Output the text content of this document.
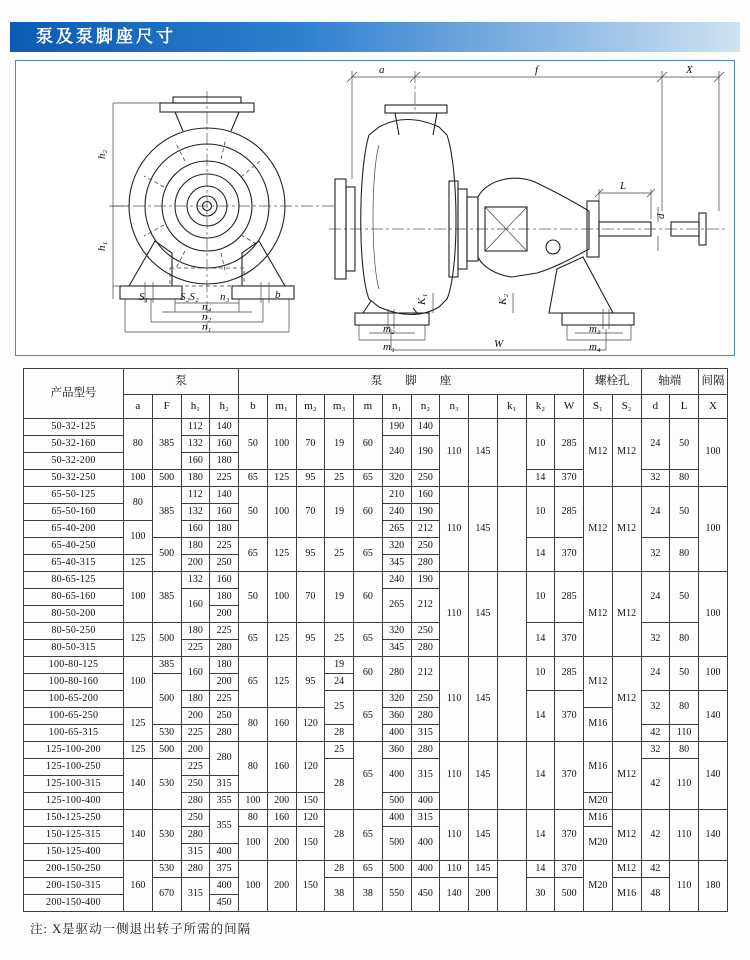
泵及泵脚座尺寸
h₂
h₁
S₁	S₂S₂ n₃
n₄
n₂
n₁
b
a	f	X
L
d
K₁	K₂
m₂
m₁
m₃
m₄
W
产品型号	泵				泵　　脚　　座												螺栓孔		轴端		间隔
	a	F	h₁	h₂	b	m₁	m₂	m₃	m	n₁	n₂	n₃		k₁	k₂	W	S₁	S₂	d	L	X
50-32-125	80	385	112	140	50	100	70	19	60	190	140	110	145		10	285	M12	M12	24	50	100
50-32-160			132	160						240	190										
50-32-200			160	180																	
50-32-250	100	500	180	225	65	125	95	25	65	320	250				14	370			32	80	
65-50-125	80	385	112	140	50	100	70	19	60	210	160	110	145		10	285	M12	M12	24	50	100
65-50-160			132	160						240	190										
65-40-200	100		160	180						265	212										
65-40-250		500	180	225	65	125	95	25	65	320	250				14	370			32	80	
65-40-315	125		200	250						345	280										
80-65-125	100	385	132	160	50	100	70	19	60	240	190	110	145		10	285	M12	M12	24	50	100
80-65-160			160	180						265	212										
80-50-200				200																	
80-50-250	125	500	180	225	65	125	95	25	65	320	250				14	370			32	80	
80-50-315			225	280						345	280										
100-80-125	100	385	160	180	65	125	95	19	60	280	212	110	145		10	285	M12	M12	24	50	100
100-80-160		500		200				24													
100-65-200			180	225				25	65	320	250				14	370			32	80	140
100-65-250	125		200	250	80	160	120			360	280						M16				
100-65-315		530	225	280				28		400	315								42	110	
125-100-200	125	500	200	280	80	160	120	25	65	360	280	110	145		14	370	M16	M12	32	80	140
125-100-250	140	530	225					28		400	315								42	110	
125-100-315			250	315																	
125-100-400			280	355	100	200	150			500	400						M20				
150-125-250	140	530	250	355	80	160	120	28	65	400	315	110	145		14	370	M16	M12	42	110	140
150-125-315			280		100	200	150			500	400						M20				
150-125-400			315	400																	
200-150-250	160	530	280	375	100	200	150	28	65	500	400	110	145		14	370	M20	M12	42	110	180
200-150-315		670	315	400				38	38	550	450	140	200		30	500		M16	48		
200-150-400				450																	
注: X是驱动一侧退出转子所需的间隔
